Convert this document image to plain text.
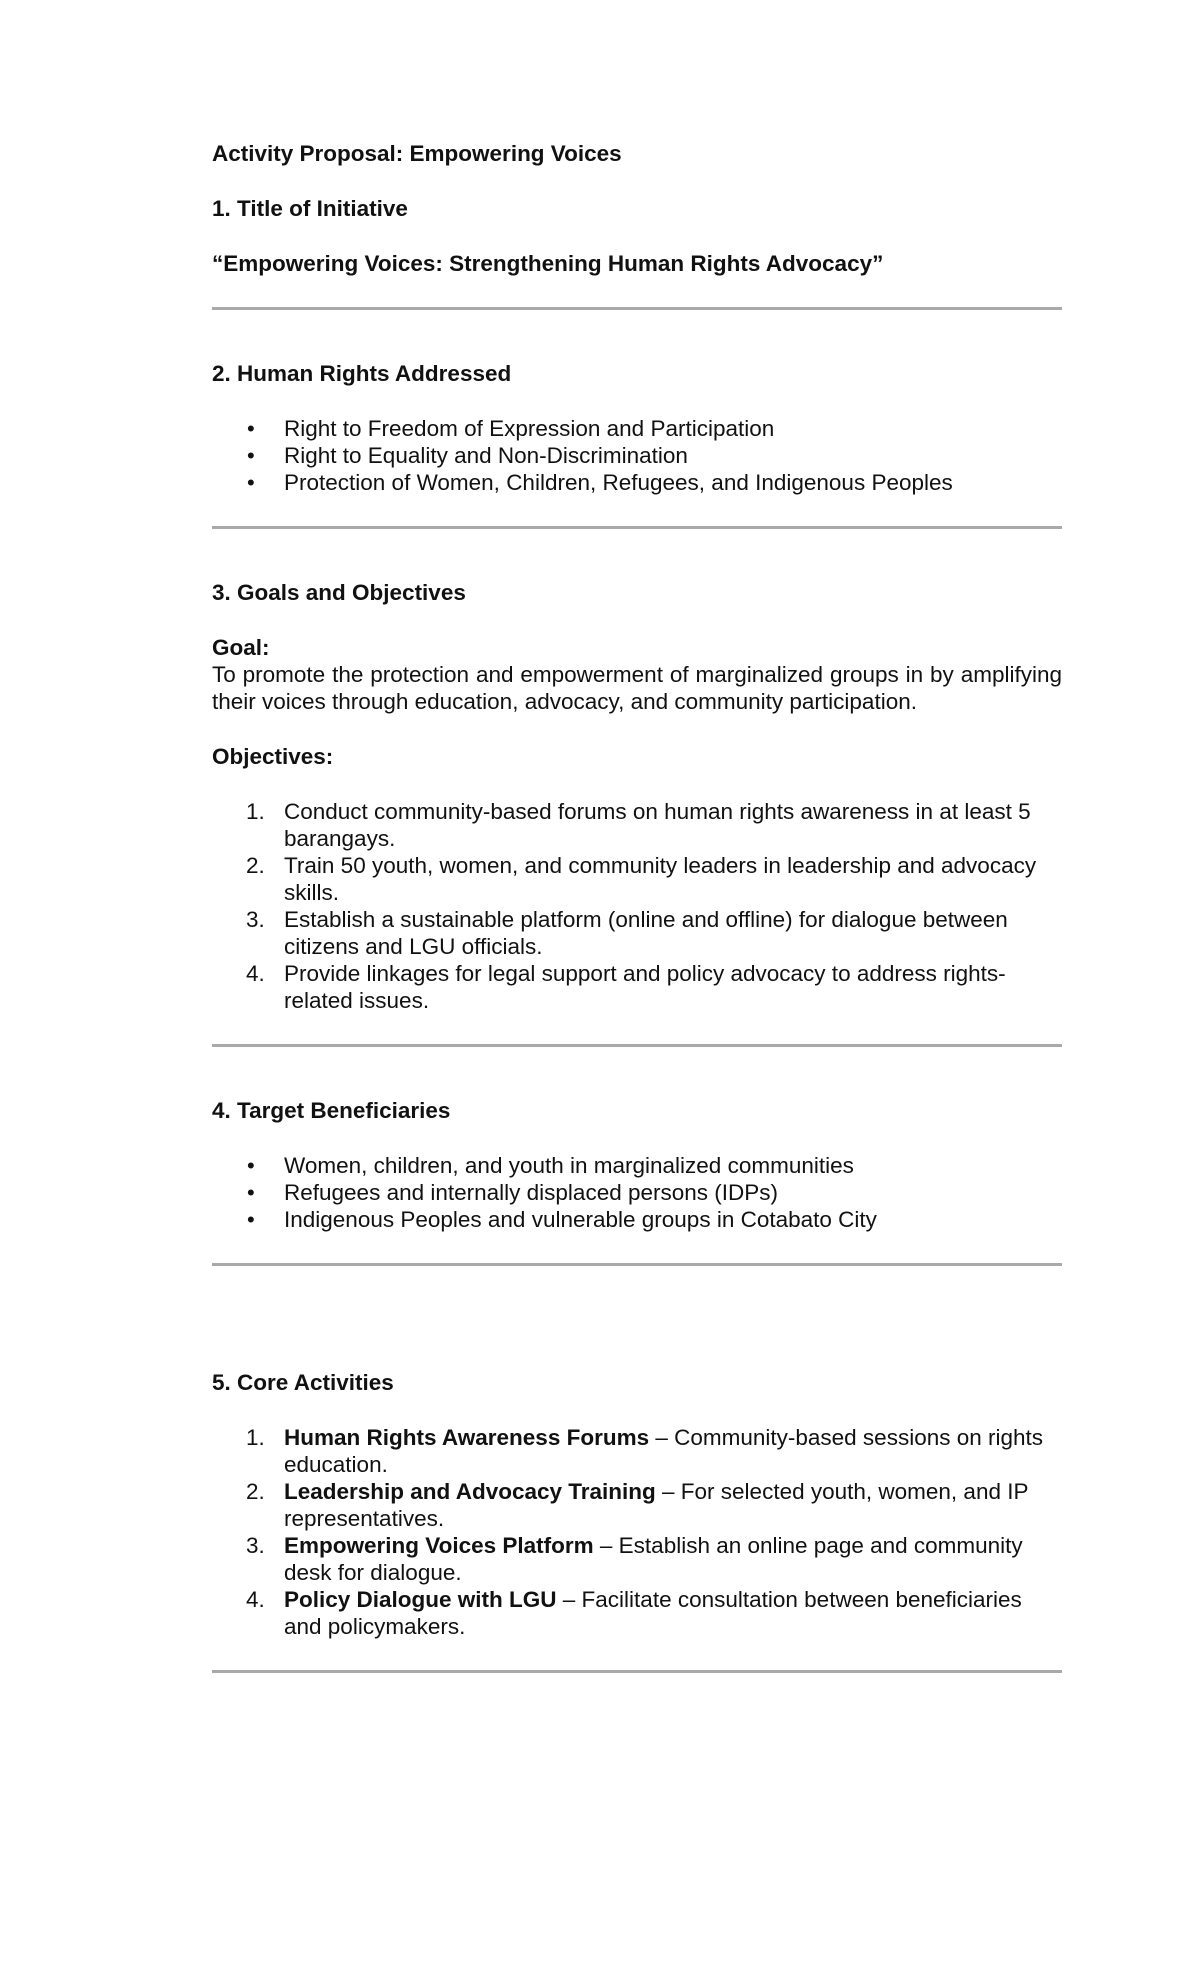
Activity Proposal: Empowering Voices

1. Title of Initiative

“Empowering Voices: Strengthening Human Rights Advocacy”

2. Human Rights Addressed

• Right to Freedom of Expression and Participation
• Right to Equality and Non-Discrimination
• Protection of Women, Children, Refugees, and Indigenous Peoples

3. Goals and Objectives

Goal:

To promote the protection and empowerment of marginalized groups in by amplifying their voices through education, advocacy, and community participation.

Objectives:

1. Conduct community-based forums on human rights awareness in at least 5 barangays.
2. Train 50 youth, women, and community leaders in leadership and advocacy skills.
3. Establish a sustainable platform (online and offline) for dialogue between citizens and LGU officials.
4. Provide linkages for legal support and policy advocacy to address rights-related issues.

4. Target Beneficiaries

• Women, children, and youth in marginalized communities
• Refugees and internally displaced persons (IDPs)
• Indigenous Peoples and vulnerable groups in Cotabato City

5. Core Activities

1. Human Rights Awareness Forums – Community-based sessions on rights education.
2. Leadership and Advocacy Training – For selected youth, women, and IP representatives.
3. Empowering Voices Platform – Establish an online page and community desk for dialogue.
4. Policy Dialogue with LGU – Facilitate consultation between beneficiaries and policymakers.
